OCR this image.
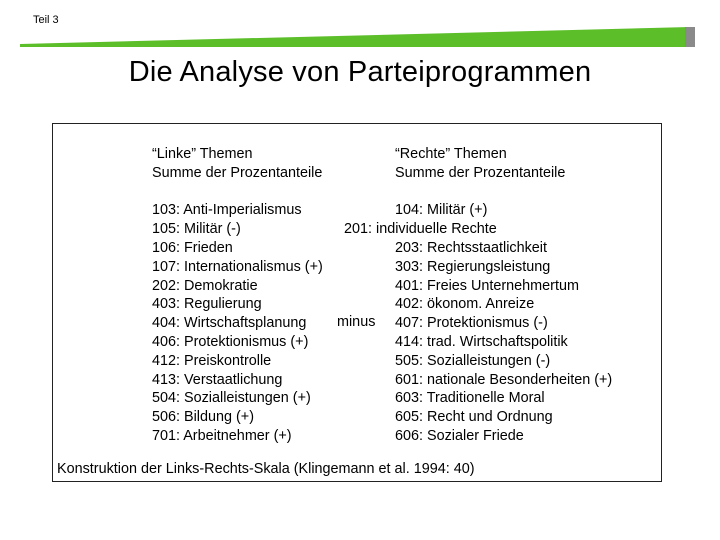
Teil 3
Die Analyse von Parteiprogrammen
“Linke” Themen
Summe der Prozentanteile
103: Anti-Imperialismus
105: Militär (-)
106: Frieden
107: Internationalismus (+)
202: Demokratie
403: Regulierung
404: Wirtschaftsplanung
406: Protektionismus (+)
412: Preiskontrolle
413: Verstaatlichung
504: Sozialleistungen (+)
506: Bildung (+)
701: Arbeitnehmer (+)
201: individuelle Rechte
minus
“Rechte” Themen
Summe der Prozentanteile
104: Militär (+)
203: Rechtsstaatlichkeit
303: Regierungsleistung
401: Freies Unternehmertum
402: ökonom. Anreize
407: Protektionismus (-)
414: trad. Wirtschaftspolitik
505: Sozialleistungen (-)
601: nationale Besonderheiten (+)
603: Traditionelle Moral
605: Recht und Ordnung
606: Sozialer Friede
Konstruktion der Links-Rechts-Skala (Klingemann et al. 1994: 40)
